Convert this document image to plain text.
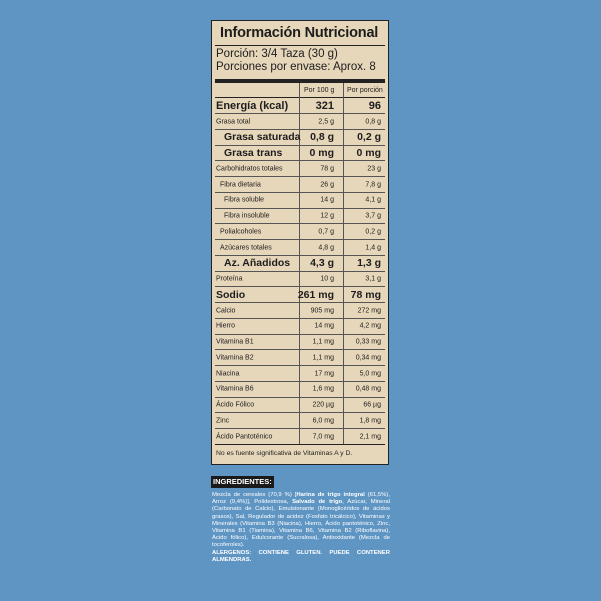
Información Nutricional
Porción: 3/4 Taza (30 g)
Porciones por envase: Aprox. 8
Por 100 g Por porción
Energía (kcal)	321	96
Grasa total	2,5 g	0,8 g
Grasa saturada 0,8 g	0,2 g
Grasa trans	0 mg	0 mg
Carbohidratos totales	78 g	23 g
Fibra dietaria	26 g	7,8 g
Fibra soluble	14 g	4,1 g
Fibra insoluble	12 g	3,7 g
Polialcoholes	0,7 g	0,2 g
Azúcares totales	4,8 g	1,4 g
Az. Añadidos	4,3 g	1,3 g
Proteína	10 g	3,1 g
Sodio	261 mg	78 mg
Calcio	905 mg	272 mg
Hierro	14 mg	4,2 mg
Vitamina B1	1,1 mg	0,33 mg
Vitamina B2	1,1 mg	0,34 mg
Niacina	17 mg	5,0 mg
Vitamina B6	1,6 mg	0,48 mg
Ácido Fólico	220 µg	66 µg
Zinc	6,0 mg	1,8 mg
Ácido Pantoténico	7,0 mg	2,1 mg
No es fuente significativa de Vitaminas A y D.
INGREDIENTES:
Mezcla de cereales (70,9 %) [Harina de trigo integral (61,5%), Arroz (9,4%)], Polidextrosa, Salvado de trigo, Azúcar, Mineral (Carbonato de Calcio), Emulsionante (Monoglicéridos de ácidos grasos), Sal, Regulador de acidez (Fosfato tricálcico), Vitaminas y Minerales (Vitamina B3 (Niacina), Hierro, Ácido pantoténico, Zinc, Vitamina B1 (Tiamina), Vitamina B6, Vitamina B2 (Riboflavina), Ácido fólico), Edulcorante (Sucralosa), Antioxidante (Mezcla de tocoferoles).
ALERGENOS: CONTIENE GLUTEN. PUEDE CONTENER ALMENDRAS.
